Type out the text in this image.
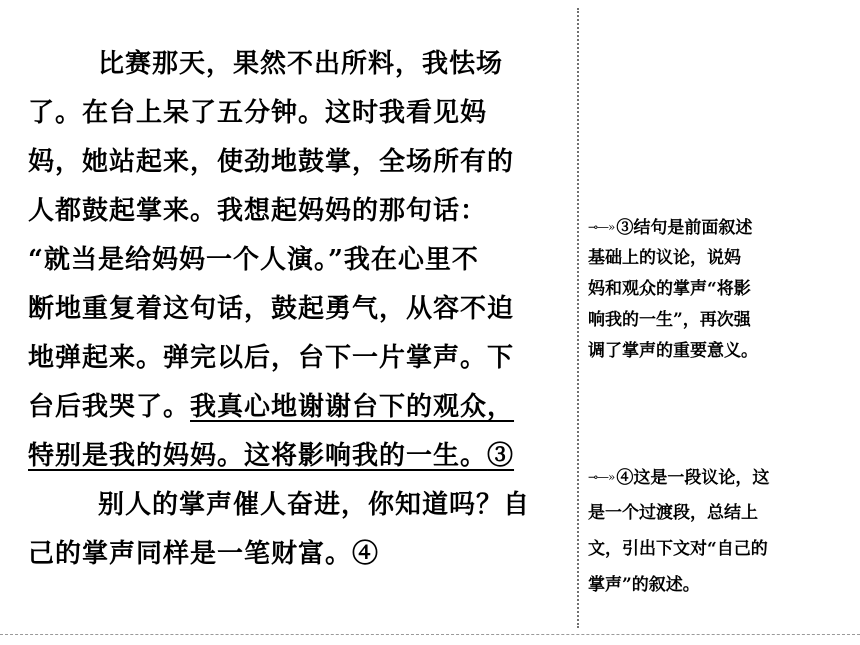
比赛那天，果然不出所料，我怯场
了。在台上呆了五分钟。这时我看见妈
妈，她站起来，使劲地鼓掌，全场所有的
人都鼓起掌来。我想起妈妈的那句话：
“就当是给妈妈一个人演。”我在心里不
断地重复着这句话，鼓起勇气，从容不迫
地弹起来。弹完以后，台下一片掌声。下
台后我哭了。我真心地谢谢台下的观众，
特别是我的妈妈。这将影响我的一生。③
别人的掌声催人奋进，你知道吗？自
己的掌声同样是一笔财富。④
⊸—» ③结句是前面叙述
基础上的议论，说妈
妈和观众的掌声“将影
响我的一生”，再次强
调了掌声的重要意义。
⊸—» ④这是一段议论，这
是一个过渡段，总结上
文，引出下文对“自己的
掌声”的叙述。
